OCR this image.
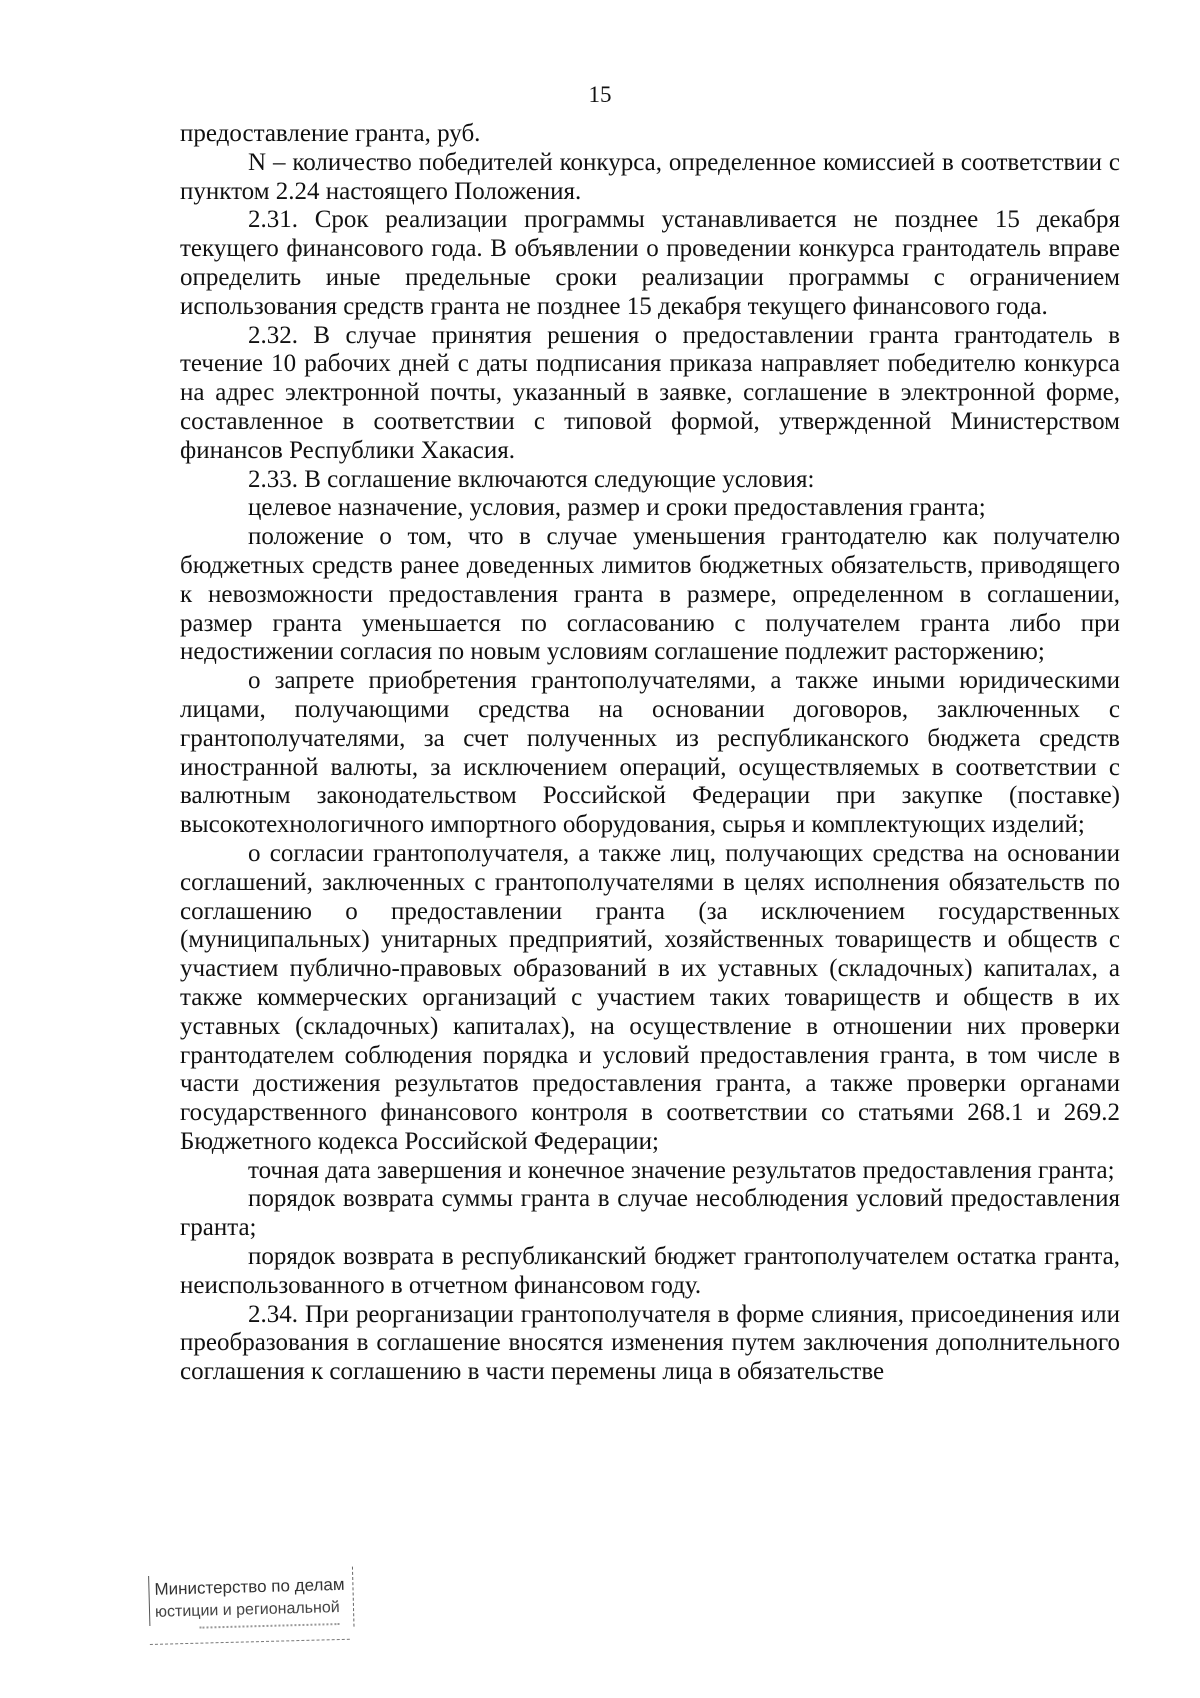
15

предоставление гранта, руб.

N – количество победителей конкурса, определенное комиссией в соответствии с пунктом 2.24 настоящего Положения.

2.31. Срок реализации программы устанавливается не позднее 15 декабря текущего финансового года. В объявлении о проведении конкурса грантодатель вправе определить иные предельные сроки реализации программы с ограничением использования средств гранта не позднее 15 декабря текущего финансового года.

2.32. В случае принятия решения о предоставлении гранта грантодатель в течение 10 рабочих дней с даты подписания приказа направляет победителю конкурса на адрес электронной почты, указанный в заявке, соглашение в электронной форме, составленное в соответствии с типовой формой, утвержденной Министерством финансов Республики Хакасия.

2.33. В соглашение включаются следующие условия:

целевое назначение, условия, размер и сроки предоставления гранта;

положение о том, что в случае уменьшения грантодателю как получателю бюджетных средств ранее доведенных лимитов бюджетных обязательств, приводящего к невозможности предоставления гранта в размере, определенном в соглашении, размер гранта уменьшается по согласованию с получателем гранта либо при недостижении согласия по новым условиям соглашение подлежит расторжению;

о запрете приобретения грантополучателями, а также иными юридическими лицами, получающими средства на основании договоров, заключенных с грантополучателями, за счет полученных из республиканского бюджета средств иностранной валюты, за исключением операций, осуществляемых в соответствии с валютным законодательством Российской Федерации при закупке (поставке) высокотехнологичного импортного оборудования, сырья и комплектующих изделий;

о согласии грантополучателя, а также лиц, получающих средства на основании соглашений, заключенных с грантополучателями в целях исполнения обязательств по соглашению о предоставлении гранта (за исключением государственных (муниципальных) унитарных предприятий, хозяйственных товариществ и обществ с участием публично-правовых образований в их уставных (складочных) капиталах, а также коммерческих организаций с участием таких товариществ и обществ в их уставных (складочных) капиталах), на осуществление в отношении них проверки грантодателем соблюдения порядка и условий предоставления гранта, в том числе в части достижения результатов предоставления гранта, а также проверки органами государственного финансового контроля в соответствии со статьями 268.1 и 269.2 Бюджетного кодекса Российской Федерации;

точная дата завершения и конечное значение результатов предоставления гранта;

порядок возврата суммы гранта в случае несоблюдения условий предоставления гранта;

порядок возврата в республиканский бюджет грантополучателем остатка гранта, неиспользованного в отчетном финансовом году.

2.34. При реорганизации грантополучателя в форме слияния, присоединения или преобразования в соглашение вносятся изменения путем заключения дополнительного соглашения к соглашению в части перемены лица в обязательстве

Министерство по делам
юстиции и региональной
